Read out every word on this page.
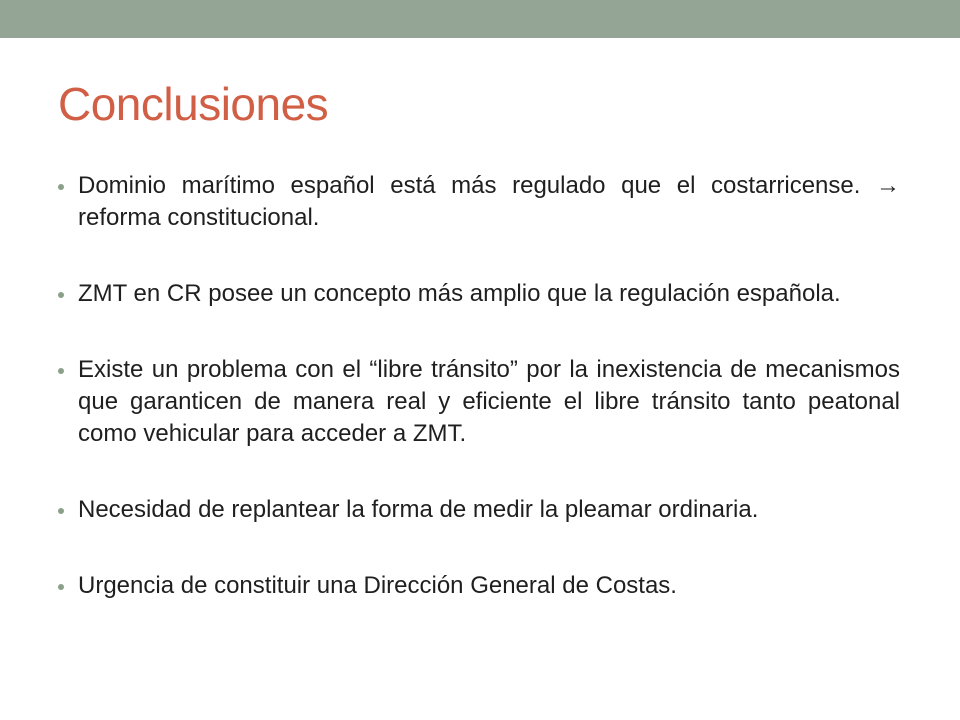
Conclusiones
Dominio marítimo español está más regulado que el costarricense. → reforma constitucional.
ZMT en CR posee un concepto más amplio que la regulación española.
Existe un problema con el “libre tránsito” por la inexistencia de mecanismos que garanticen de manera real y eficiente el libre tránsito tanto peatonal como vehicular para acceder a ZMT.
Necesidad de replantear la forma de medir la pleamar ordinaria.
Urgencia de constituir una Dirección General de Costas.
